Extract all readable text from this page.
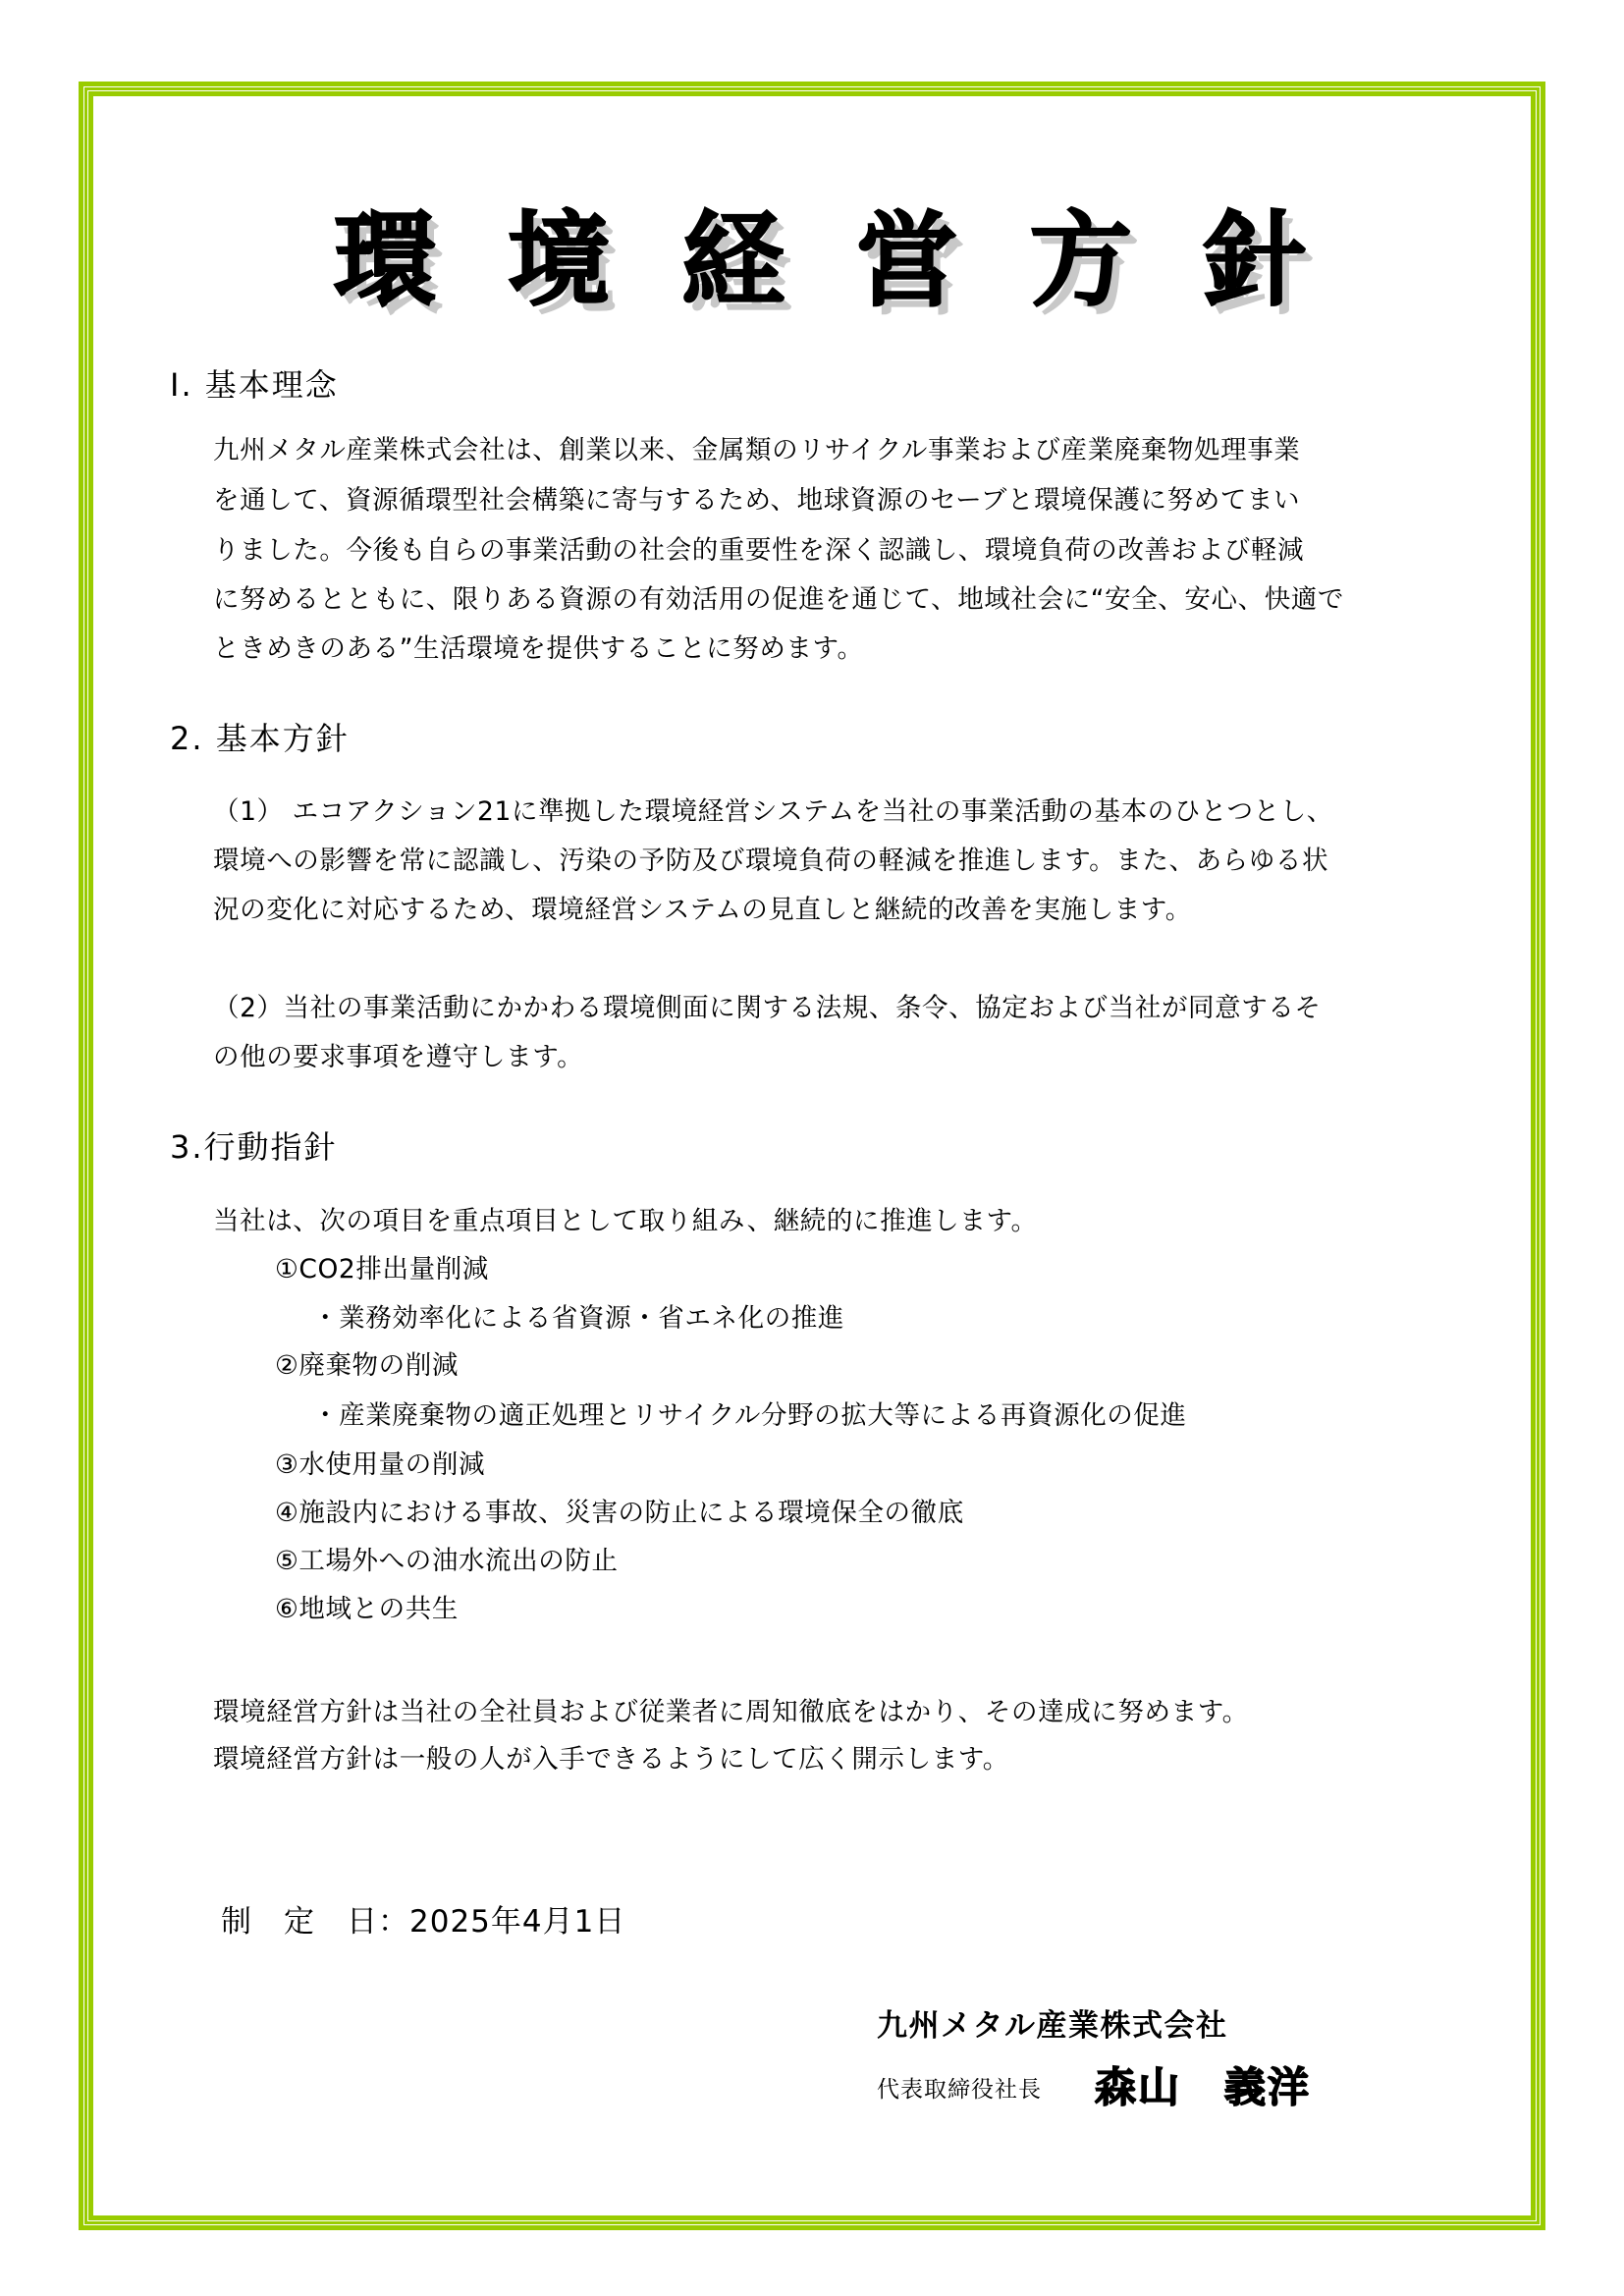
環 境 経 営 方 針
Ⅰ. 基本理念
九州メタル産業株式会社は、創業以来、金属類のリサイクル事業および産業廃棄物処理事業
を通して、資源循環型社会構築に寄与するため、地球資源のセーブと環境保護に努めてまい
りました。今後も自らの事業活動の社会的重要性を深く認識し、環境負荷の改善および軽減
に努めるとともに、限りある資源の有効活用の促進を通じて、地域社会に“安全、安心、快適で
ときめきのある”生活環境を提供することに努めます。
2. 基本方針
（1） エコアクション21に準拠した環境経営システムを当社の事業活動の基本のひとつとし、
環境への影響を常に認識し、汚染の予防及び環境負荷の軽減を推進します。また、あらゆる状
況の変化に対応するため、環境経営システムの見直しと継続的改善を実施します。
（2）当社の事業活動にかかわる環境側面に関する法規、条令、協定および当社が同意するそ
の他の要求事項を遵守します。
3.行動指針
当社は、次の項目を重点項目として取り組み、継続的に推進します。
①CO2排出量削減
・業務効率化による省資源・省エネ化の推進
②廃棄物の削減
・産業廃棄物の適正処理とリサイクル分野の拡大等による再資源化の促進
③水使用量の削減
④施設内における事故、災害の防止による環境保全の徹底
⑤工場外への油水流出の防止
⑥地域との共生
環境経営方針は当社の全社員および従業者に周知徹底をはかり、その達成に努めます。
環境経営方針は一般の人が入手できるようにして広く開示します。
制　定　日：2025年4月1日
九州メタル産業株式会社
代表取締役社長 森山　義洋
